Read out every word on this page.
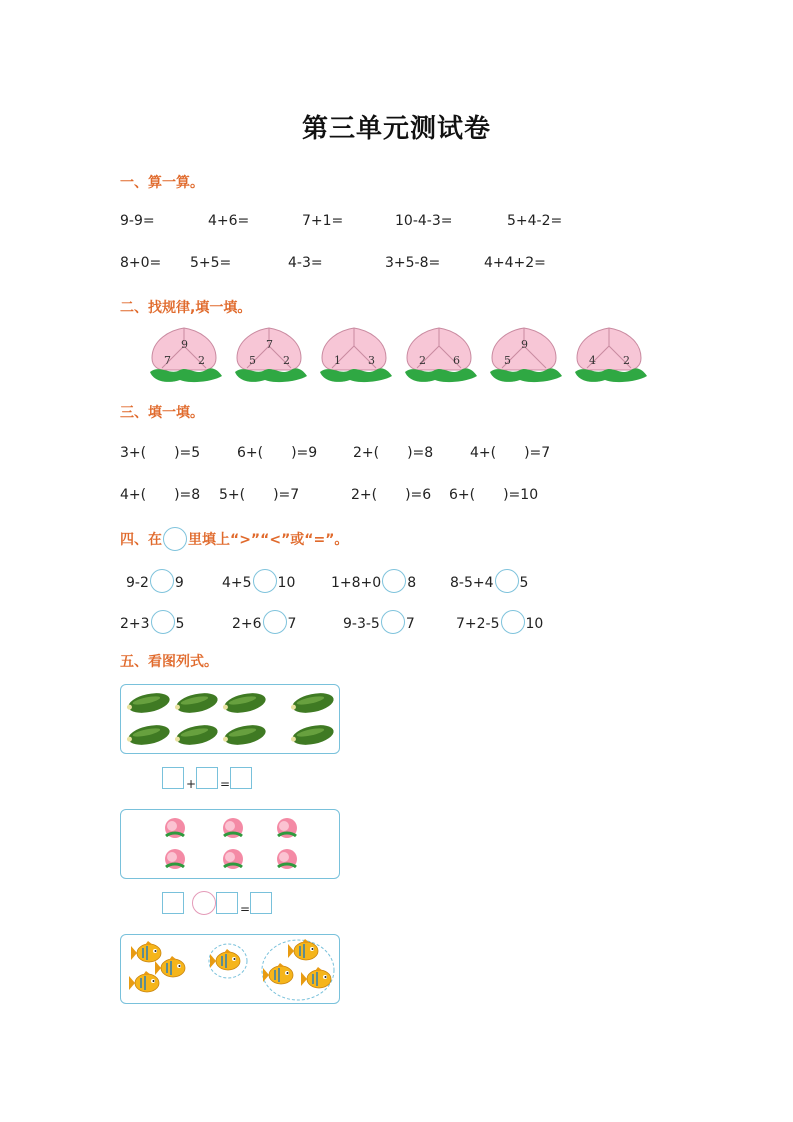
第三单元测试卷
一、算一算。
9-9=	4+6=	7+1=	10-4-3=	5+4-2=
8+0= 5+5=	4-3=	3+5-8=	4+4+2=
二、找规律,填一填。
9
7 2
7
5 2	1 3	2 6
9
5	4 2
三、填一填。
3+(　　)=5	6+(　　)=9	2+(　　)=8	4+(　　)=7
4+(　　)=8 5+(　　)=7	2+(　　)=6 6+(　　)=10
四、在 里填上“>”“<”或“=”。
9-2 9	4+5 10	1+8+0 8 8-5+4 5
2+3 5	2+6 7	9-3-5 7	7+2-5 10
五、看图列式。
+ =
=
